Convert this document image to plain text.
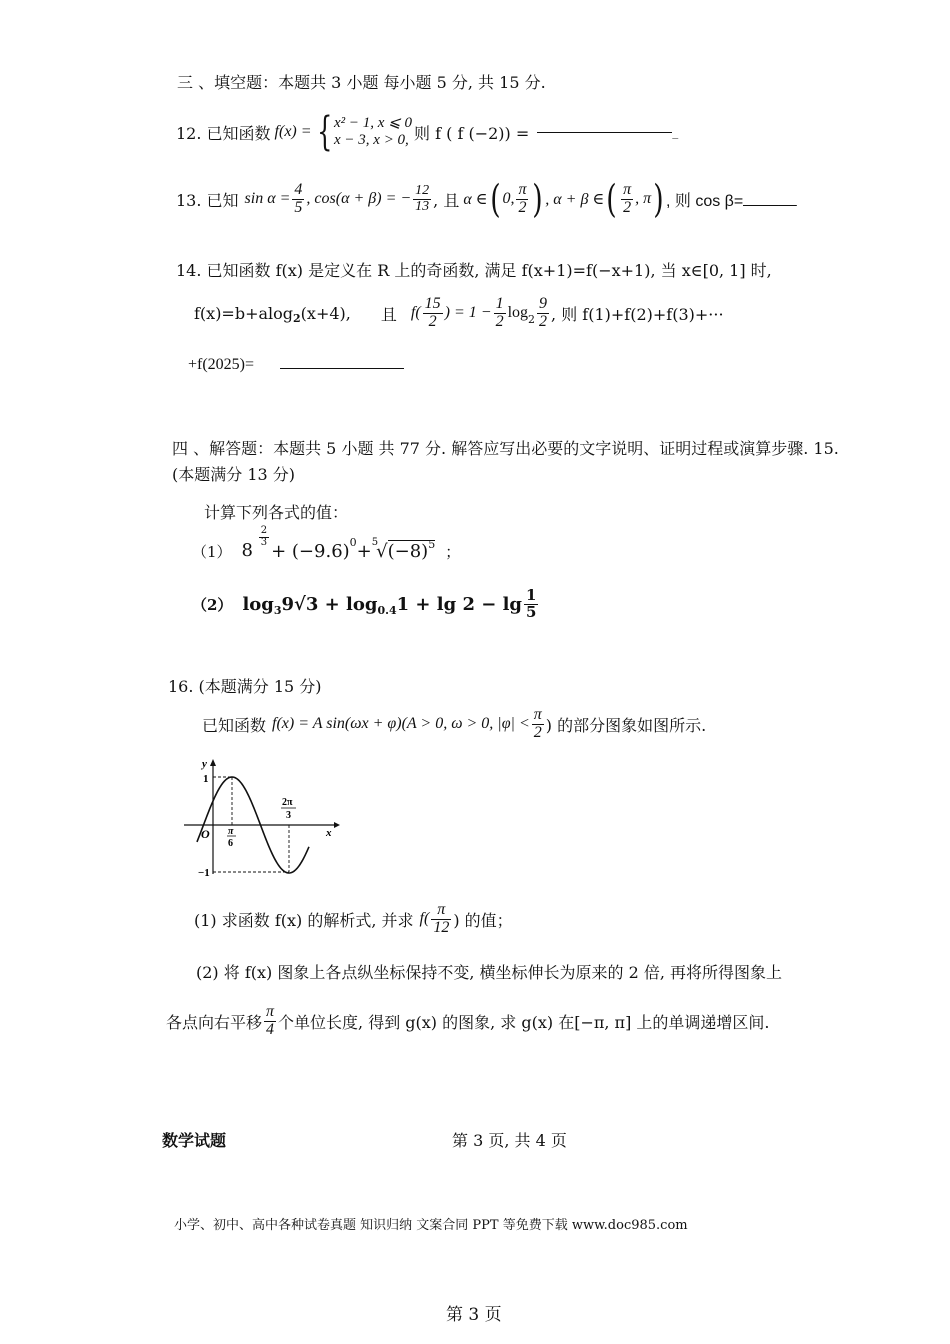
三 、填空题：本题共 3 小题 每小题 5 分, 共 15 分.
12. 已知函数 f(x) = { x² − 1, x ⩽ 0
x − 3, x > 0, 则 f ( f (−2)) =	_
13. 已知 $\sin \alpha = \frac{4}{5}$ , cos(α + β) = − $\frac{12}{13}$ , 且 α ∈ ( 0, $\frac{\pi}{2}$ ) , α + β ∈ ( $\frac{\pi}{2}$ , π ) , 则 cos β= ______
14. 已知函数 f(x) 是定义在 R 上的奇函数, 满足 f(x+1)=f(−x+1), 当 x∈[0, 1] 时,
f(x)=b+alog 2 (x+4), 且 $f( \frac{15}{2}$ ) = $1 - \frac{1}{2}$ $\log 2 \frac{9}{2}$ , 则 f(1)+f(2)+f(3)+···
+f(2025)=
四 、解答题：本题共 5 小题 共 77 分. 解答应写出必要的文字说明、证明过程或演算步骤. 15.
(本题满分 13 分)
计算下列各式的值：
（1） 8
$\frac{2}{3}$
+ (−9.6) 0 + 5
√ $(-8)^5$ ；
（2） log 3 9√3 + log 0.4 $1 + \lg 2 - \lg \frac{1}{5}$
16. (本题满分 15 分)
已知函数 f(x) = A sin(ωx + φ)(A > 0, ω > 0, $|\varphi| < \frac{\pi}{2}$ ) 的部分图象如图所示.
y
x
O
1
−1
π
6
2π
3
(1) 求函数 f(x) 的解析式, 并求 $f( \frac{\pi}{12}$ ) 的值；
(2) 将 f(x) 图象上各点纵坐标保持不变, 横坐标伸长为原来的 2 倍, 再将所得图象上
各点向右平移 $\frac{\pi}{4}$ 个单位长度, 得到 g(x) 的图象, 求 g(x) 在[−π, π] 上的单调递增区间.
数学试题	第 3 页, 共 4 页
小学、初中、高中各种试卷真题 知识归纳 文案合同 PPT 等免费下载 www.doc985.com
第 3 页
